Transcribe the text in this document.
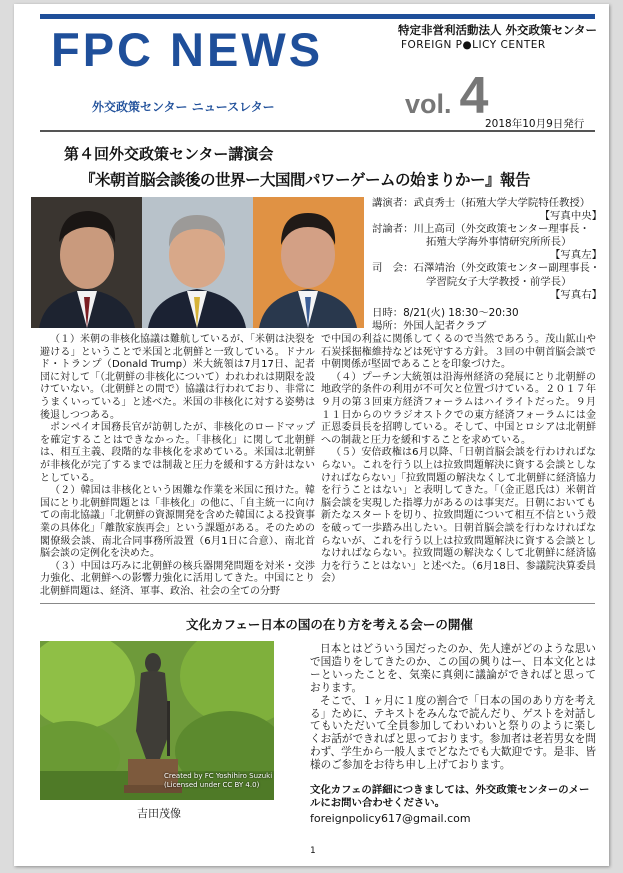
FPC NEWS	特定非営利活動法人 外交政策センター
FOREIGN P●LICY CENTER
外交政策センター ニュースレター	vol. 4
2018年10月9日発行
第４回外交政策センター講演会
『米朝首脳会談後の世界ー大国間パワーゲームの始まりかー』報告
講演者：武貞秀士（拓殖大学大学院特任教授）
【写真中央】
討論者：川上高司（外交政策センター理事長・
拓殖大学海外事情研究所所長）
【写真左】
司　会：石澤靖治（外交政策センター副理事長・
学習院女子大学教授・前学長）
【写真右】
日時：8/21(火) 18:30～20:30
場所：外国人記者クラブ

（１）米朝の非核化協議は難航しているが、「米朝は決裂を避ける」ということで米国と北朝鮮と一致している。ドナルド・トランプ（Donald Trump）米大統領は7月17日、記者団に対して「（北朝鮮の非核化について）われわれは期限を設けていない。（北朝鮮との間で）協議は行われており、非常にうまくいっている」と述べた。米国の非核化に対する姿勢は後退しつつある。

ポンペイオ国務長官が訪朝したが、非核化のロードマップを確定することはできなかった。「非核化」に関して北朝鮮は、相互主義、段階的な非核化を求めている。米国は北朝鮮が非核化が完了するまでは制裁と圧力を緩和する方針はないとしている。

（２）韓国は非核化という困難な作業を米国に預けた。韓国にとり北朝鮮問題とは「非核化」の他に、「自主統一に向けての南北協議」「北朝鮮の資源開発を含めた韓国による投資事業の具体化」「離散家族再会」という課題がある。そのための閣僚級会談、南北合同事務所設置（6月1日に合意）、南北首脳会談の定例化を決めた。

（３）中国は巧みに北朝鮮の核兵器開発問題を対米・交渉力強化、北朝鮮への影響力強化に活用してきた。中国にとり北朝鮮問題は、経済、軍事、政治、社会の全ての分野

で中国の利益に関係してくるので当然であろう。茂山鉱山や石炭採掘権維持などは死守する方針。３回の中朝首脳会談で中朝関係が堅固であることを印象づけた。

（４）プーチン大統領は沿海州経済の発展にとり北朝鮮の地政学的条件の利用が不可欠と位置づけている。２０１７年９月の第３回東方経済フォーラムはハイライトだった。９月１１日からのウラジオストクでの東方経済フォーラムには金正恩委員長を招聘している。そして、中国とロシアは北朝鮮への制裁と圧力を緩和することを求めている。

（５）安倍政権は6月以降、「日朝首脳会談を行わければならない。これを行う以上は拉致問題解決に資する会談としなければならない」「拉致問題の解決なくして北朝鮮に経済協力を行うことはない」と表明してきた。「（金正恩氏は）米朝首脳会談を実現した指導力があるのは事実だ。日朝においても新たなスタートを切り、拉致問題について相互不信という殻を破って一歩踏み出したい。日朝首脳会談を行わなければならないが、これを行う以上は拉致問題解決に資する会談としなければならない。拉致問題の解決なくして北朝鮮に経済協力を行うことはない」と述べた。（6月18日、参議院決算委員会）

文化カフェー日本の国の在り方を考える会ーの開催
Created by FC Yoshihiro Suzuki
(Licensed under CC BY 4.0)
吉田茂像

日本とはどういう国だったのか、先人達がどのような思いで国造りをしてきたのか、この国の興りはー、日本文化とはーといったことを、気楽に真剣に議論ができればと思っております。

そこで、１ヶ月に１度の割合で「日本の国のあり方を考える」ために、テキストをみんなで読んだり、ゲストを対話してもいただいて全員参加してわいわいと祭りのように楽しくお話ができればと思っております。参加者は老若男女を問わず、学生から一般人までどなたでも大歓迎です。是非、皆様のご参加をお待ち申し上げております。

文化カフェの詳細につきましては、外交政策センターのメールにお問い合わせください。
foreignpolicy617@gmail.com
1
